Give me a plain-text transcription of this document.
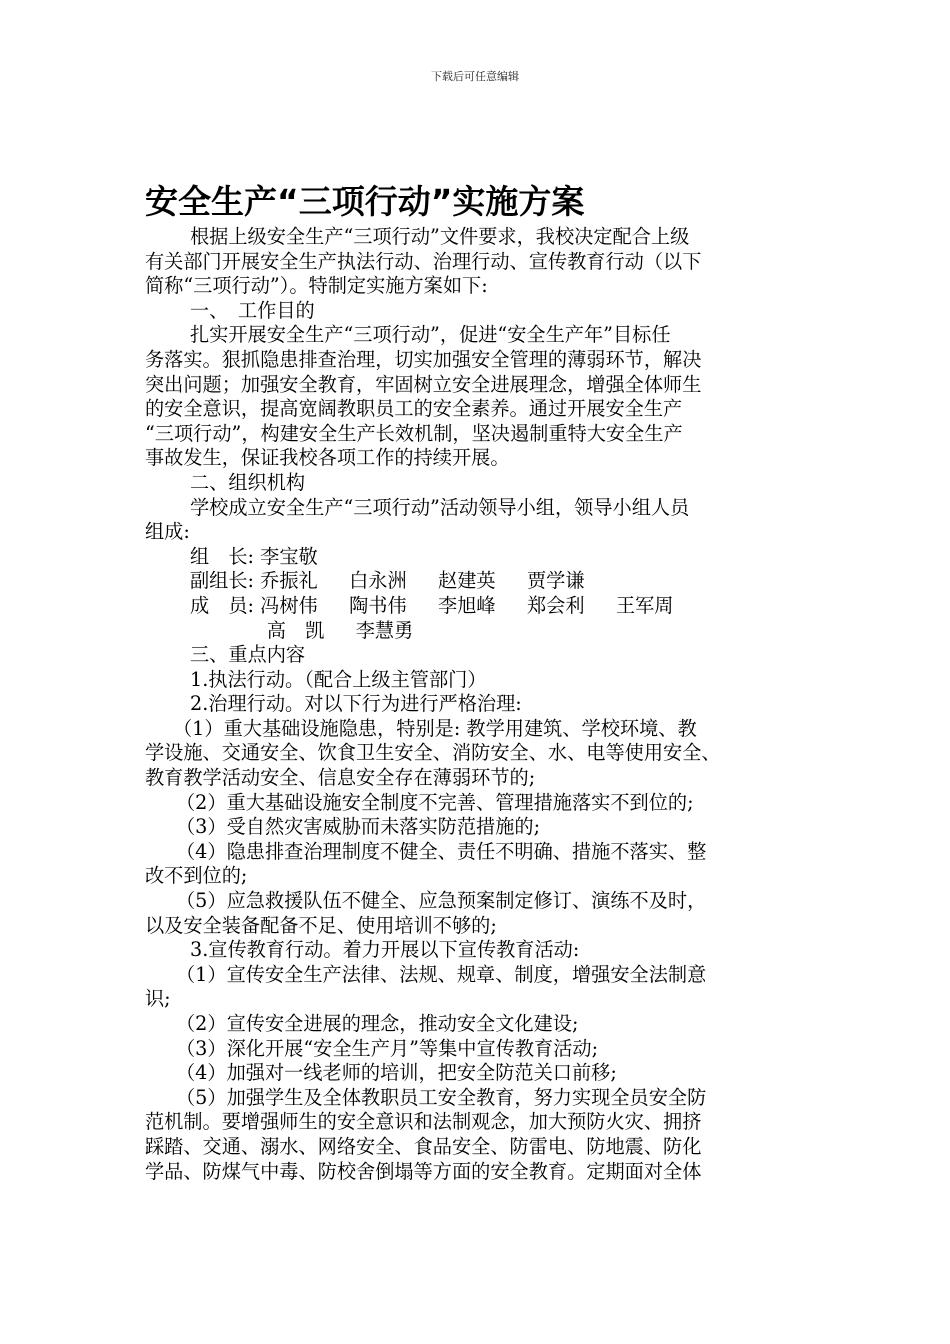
下载后可任意编辑
安全生产“三项行动”实施方案
根据上级安全生产“三项行动”文件要求，我校决定配合上级
有关部门开展安全生产执法行动、治理行动、宣传教育行动（以下
简称“三项行动”）。特制定实施方案如下:
一、　工作目的
扎实开展安全生产“三项行动”，促进“安全生产年”目标任
务落实。狠抓隐患排查治理，切实加强安全管理的薄弱环节，解决
突出问题；加强安全教育，牢固树立安全进展理念，增强全体师生
的安全意识，提高宽阔教职员工的安全素养。通过开展安全生产
“三项行动”，构建安全生产长效机制，坚决遏制重特大安全生产
事故发生，保证我校各项工作的持续开展。
二、组织机构
学校成立安全生产“三项行动”活动领导小组，领导小组人员
组成:
组　长: 李宝敬
副组长: 乔振礼　  白永洲　  赵建英　  贾学谦
成　员: 冯树伟　  陶书伟　  李旭峰　  郑会利　  王军周
　　　　高　凯　  李慧勇
三、重点内容
1.执法行动。（配合上级主管部门）
2.治理行动。对以下行为进行严格治理:
（1）重大基础设施隐患，特别是: 教学用建筑、学校环境、教
学设施、交通安全、饮食卫生安全、消防安全、水、电等使用安全、
教育教学活动安全、信息安全存在薄弱环节的;
（2）重大基础设施安全制度不完善、管理措施落实不到位的;
（3）受自然灾害威胁而未落实防范措施的;
（4）隐患排查治理制度不健全、责任不明确、措施不落实、整
改不到位的;
（5）应急救援队伍不健全、应急预案制定修订、演练不及时，
以及安全装备配备不足、使用培训不够的;
3.宣传教育行动。着力开展以下宣传教育活动:
（1）宣传安全生产法律、法规、规章、制度，增强安全法制意
识;
（2）宣传安全进展的理念，推动安全文化建设;
（3）深化开展“安全生产月”等集中宣传教育活动;
（4）加强对一线老师的培训，把安全防范关口前移;
（5）加强学生及全体教职员工安全教育，努力实现全员安全防
范机制。要增强师生的安全意识和法制观念，加大预防火灾、拥挤
踩踏、交通、溺水、网络安全、食品安全、防雷电、防地震、防化
学品、防煤气中毒、防校舍倒塌等方面的安全教育。定期面对全体
